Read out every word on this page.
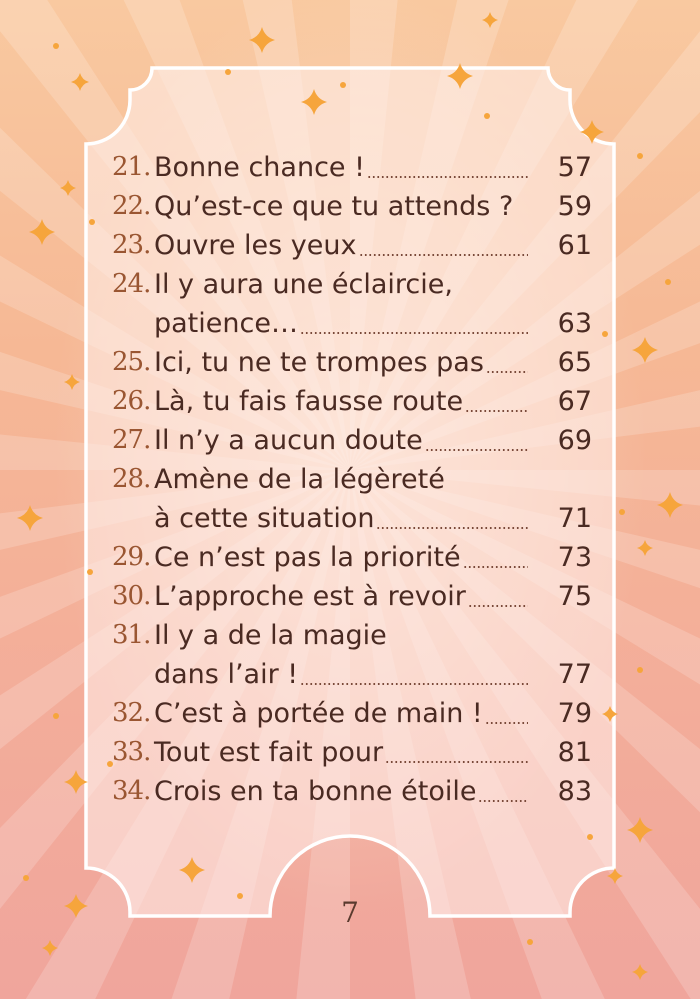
21. Bonne chance !	57
22. Qu’est-ce que tu attends ?	59
23. Ouvre les yeux	61
24. Il y aura une éclaircie,
patience…	63
25. Ici, tu ne te trompes pas	65
26. Là, tu fais fausse route	67
27. Il n’y a aucun doute	69
28. Amène de la légèreté
à cette situation	71
29. Ce n’est pas la priorité	73
30. L’approche est à revoir	75
31. Il y a de la magie
dans l’air !	77
32. C’est à portée de main !	79
33. Tout est fait pour	81
34. Crois en ta bonne étoile	83
7
